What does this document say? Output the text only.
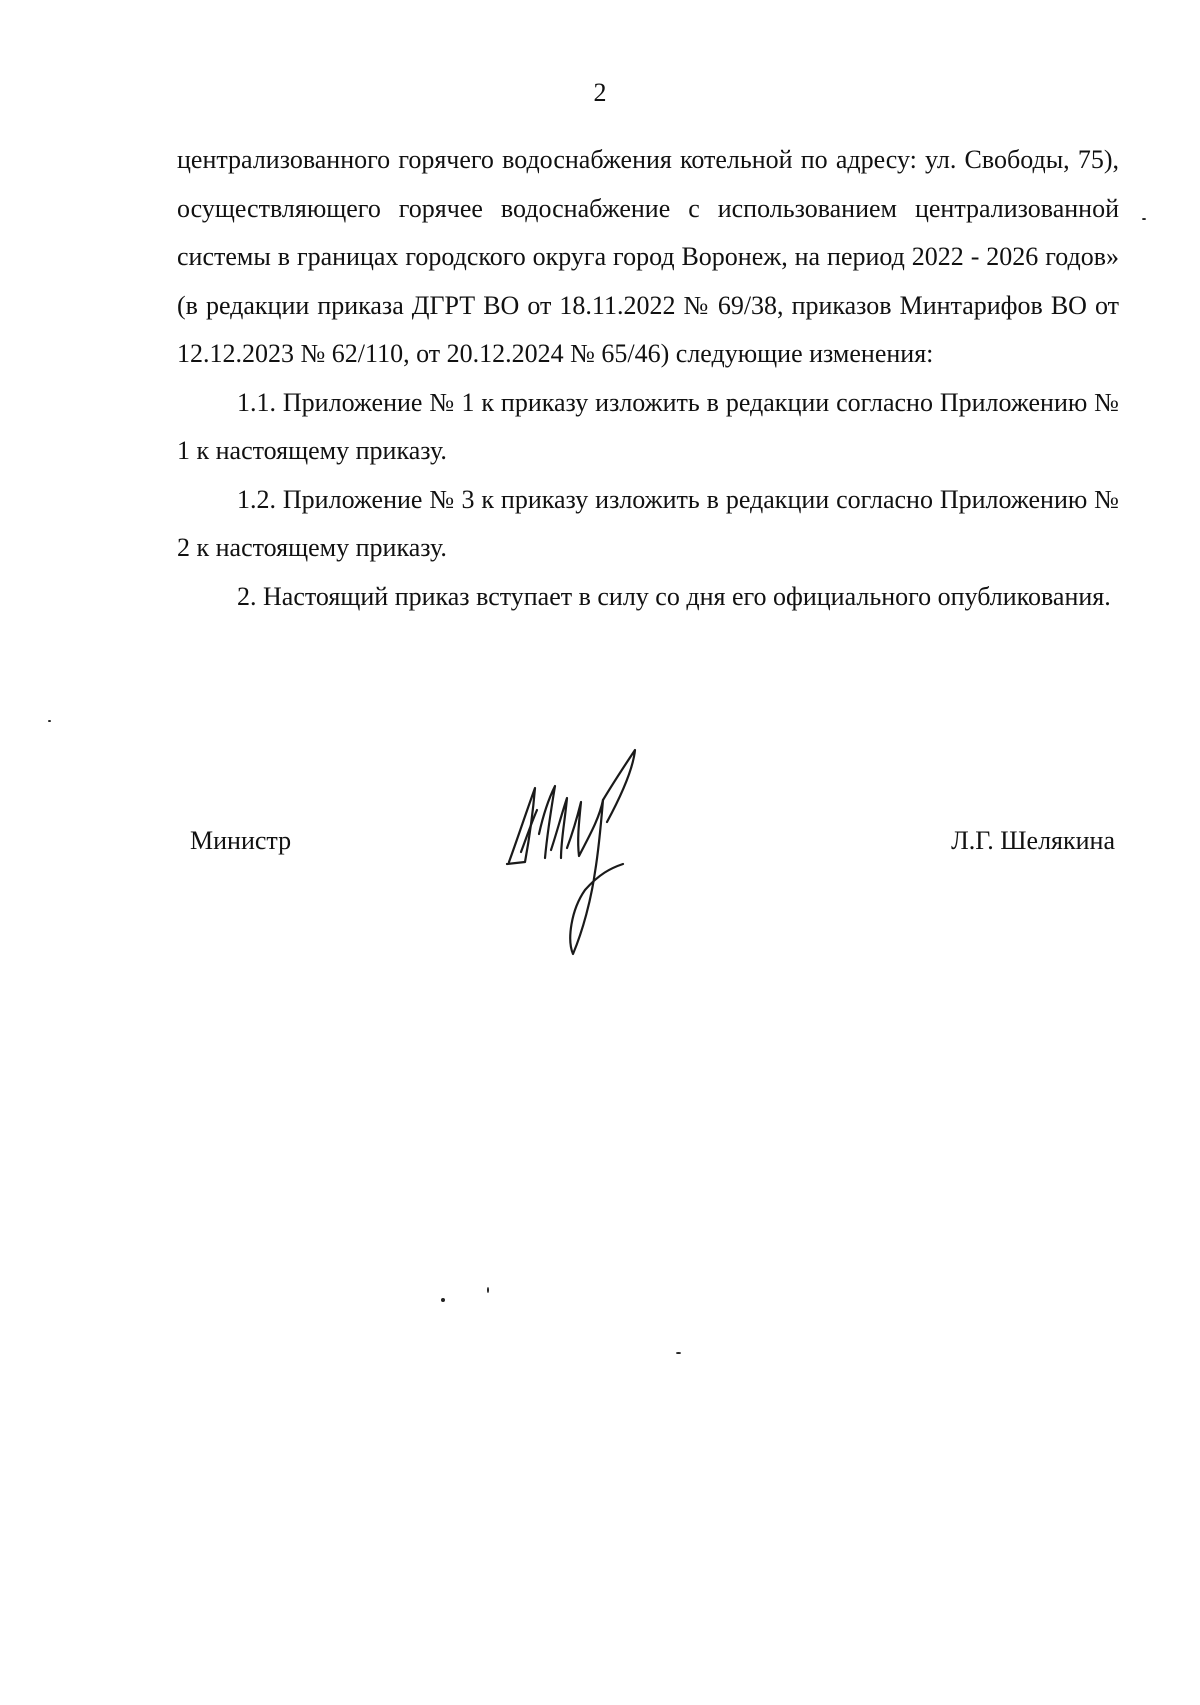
2

централизованного горячего водоснабжения котельной по адресу: ул. Свободы, 75), осуществляющего горячее водоснабжение с использованием централизованной системы в границах городского округа город Воронеж, на период 2022 - 2026 годов» (в редакции приказа ДГРТ ВО от 18.11.2022 № 69/38, приказов Минтарифов ВО от 12.12.2023 № 62/110, от 20.12.2024 № 65/46) следующие изменения:

1.1. Приложение № 1 к приказу изложить в редакции согласно Приложению № 1 к настоящему приказу.

1.2. Приложение № 3 к приказу изложить в редакции согласно Приложению № 2 к настоящему приказу.

2. Настоящий приказ вступает в силу со дня его официального опубликования.

Министр	Л.Г. Шелякина
